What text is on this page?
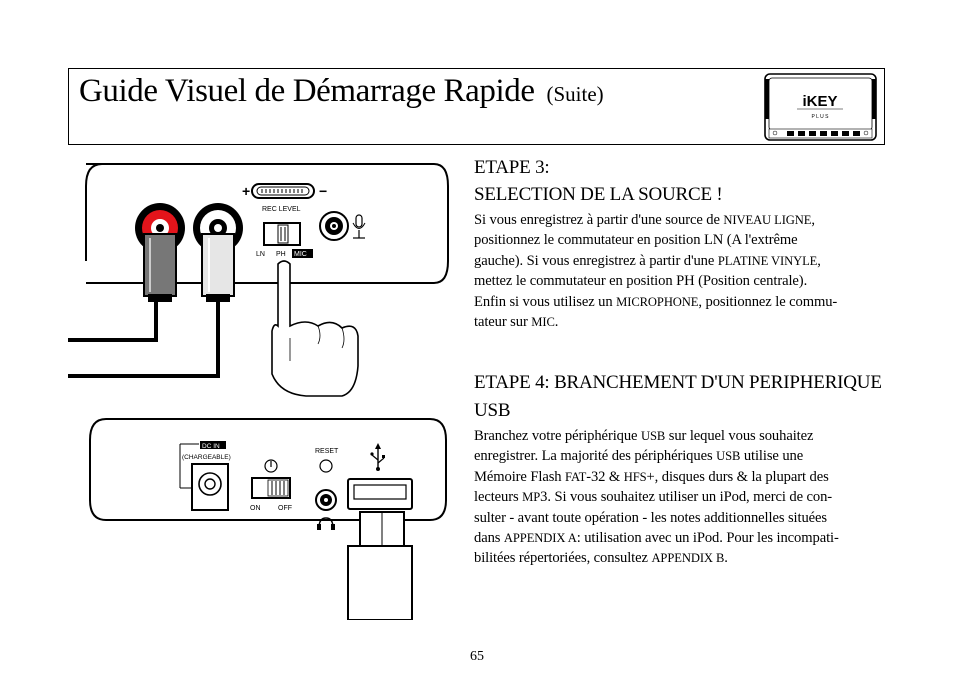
Guide Visuel de Démarrage Rapide (Suite)	iKEY
P L U S
+	−
REC LEVEL
LN PH MIC
ETAPE 3:
SELECTION DE LA SOURCE !
Si vous enregistrez à partir d'une source de NIVEAU LIGNE,
positionnez le commutateur en position LN (A l'extrême
gauche). Si vous enregistrez à partir d'une PLATINE VINYLE,
mettez le commutateur en position PH (Position centrale).
Enfin si vous utilisez un MICROPHONE, positionnez le commu-
tateur sur MIC.
DC IN
(CHARGEABLE)
ON	OFF
RESET
ETAPE 4: BRANCHEMENT D'UN PERIPHERIQUE
USB
Branchez votre périphérique USB sur lequel vous souhaitez
enregistrer. La majorité des périphériques USB utilise une
Mémoire Flash FAT-32 & HFS+, disques durs & la plupart des
lecteurs MP3. Si vous souhaitez utiliser un iPod, merci de con-
sulter - avant toute opération - les notes additionnelles situées
dans APPENDIX A: utilisation avec un iPod. Pour les incompati-
bilitées répertoriées, consultez APPENDIX B.
65
